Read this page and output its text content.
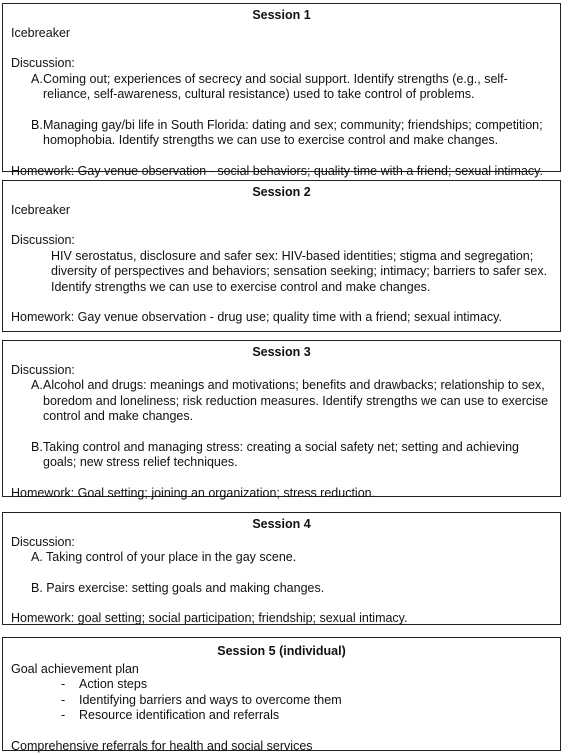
Session 1

Icebreaker

Discussion:

A. Coming out; experiences of secrecy and social support. Identify strengths (e.g., self-reliance, self-awareness, cultural resistance) used to take control of problems.
B. Managing gay/bi life in South Florida: dating and sex; community; friendships; competition; homophobia. Identify strengths we can use to exercise control and make changes.

Homework: Gay venue observation - social behaviors; quality time with a friend; sexual intimacy.

Session 2

Icebreaker

Discussion:

HIV serostatus, disclosure and safer sex: HIV-based identities; stigma and segregation; diversity of perspectives and behaviors; sensation seeking; intimacy; barriers to safer sex. Identify strengths we can use to exercise control and make changes.

Homework: Gay venue observation - drug use; quality time with a friend; sexual intimacy.

Session 3

Discussion:

A. Alcohol and drugs: meanings and motivations; benefits and drawbacks; relationship to sex, boredom and loneliness; risk reduction measures. Identify strengths we can use to exercise control and make changes.
B. Taking control and managing stress: creating a social safety net; setting and achieving goals; new stress relief techniques.

Homework: Goal setting; joining an organization; stress reduction.

Session 4

Discussion:

A. Taking control of your place in the gay scene.

B. Pairs exercise: setting goals and making changes.

Homework: goal setting; social participation; friendship; sexual intimacy.

Session 5 (individual)

Goal achievement plan

- Action steps
- Identifying barriers and ways to overcome them
- Resource identification and referrals

Comprehensive referrals for health and social services
